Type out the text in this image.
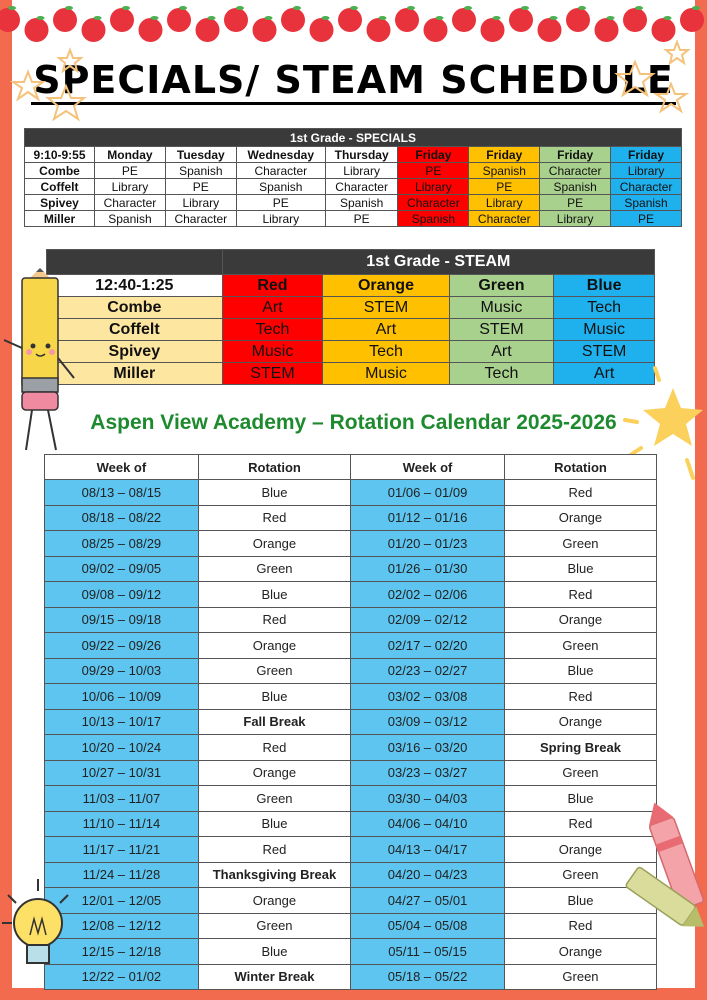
SPECIALS/ STEAM SCHEDULE
1st Grade - SPECIALS								
9:10-9:55	Monday	Tuesday	Wednesday	Thursday	Friday	Friday	Friday	Friday
Combe	PE	Spanish	Character	Library	PE	Spanish	Character	Library
Coffelt	Library	PE	Spanish	Character	Library	PE	Spanish	Character
Spivey	Character	Library	PE	Spanish	Character	Library	PE	Spanish
Miller	Spanish	Character	Library	PE	Spanish	Character	Library	PE
	1st Grade - STEAM			
12:40-1:25	Red	Orange	Green	Blue
Combe	Art	STEM	Music	Tech
Coffelt	Tech	Art	STEM	Music
Spivey	Music	Tech	Art	STEM
Miller	STEM	Music	Tech	Art
Aspen View Academy – Rotation Calendar 2025-2026
Week of	Rotation	Week of	Rotation
08/13 – 08/15	Blue	01/06 – 01/09	Red
08/18 – 08/22	Red	01/12 – 01/16	Orange
08/25 – 08/29	Orange	01/20 – 01/23	Green
09/02 – 09/05	Green	01/26 – 01/30	Blue
09/08 – 09/12	Blue	02/02 – 02/06	Red
09/15 – 09/18	Red	02/09 – 02/12	Orange
09/22 – 09/26	Orange	02/17 – 02/20	Green
09/29 – 10/03	Green	02/23 – 02/27	Blue
10/06 – 10/09	Blue	03/02 – 03/08	Red
10/13 – 10/17	Fall Break	03/09 – 03/12	Orange
10/20 – 10/24	Red	03/16 – 03/20	Spring Break
10/27 – 10/31	Orange	03/23 – 03/27	Green
11/03 – 11/07	Green	03/30 – 04/03	Blue
11/10 – 11/14	Blue	04/06 – 04/10	Red
11/17 – 11/21	Red	04/13 – 04/17	Orange
11/24 – 11/28	Thanksgiving Break	04/20 – 04/23	Green
12/01 – 12/05	Orange	04/27 – 05/01	Blue
12/08 – 12/12	Green	05/04 – 05/08	Red
12/15 – 12/18	Blue	05/11 – 05/15	Orange
12/22 – 01/02	Winter Break	05/18 – 05/22	Green
